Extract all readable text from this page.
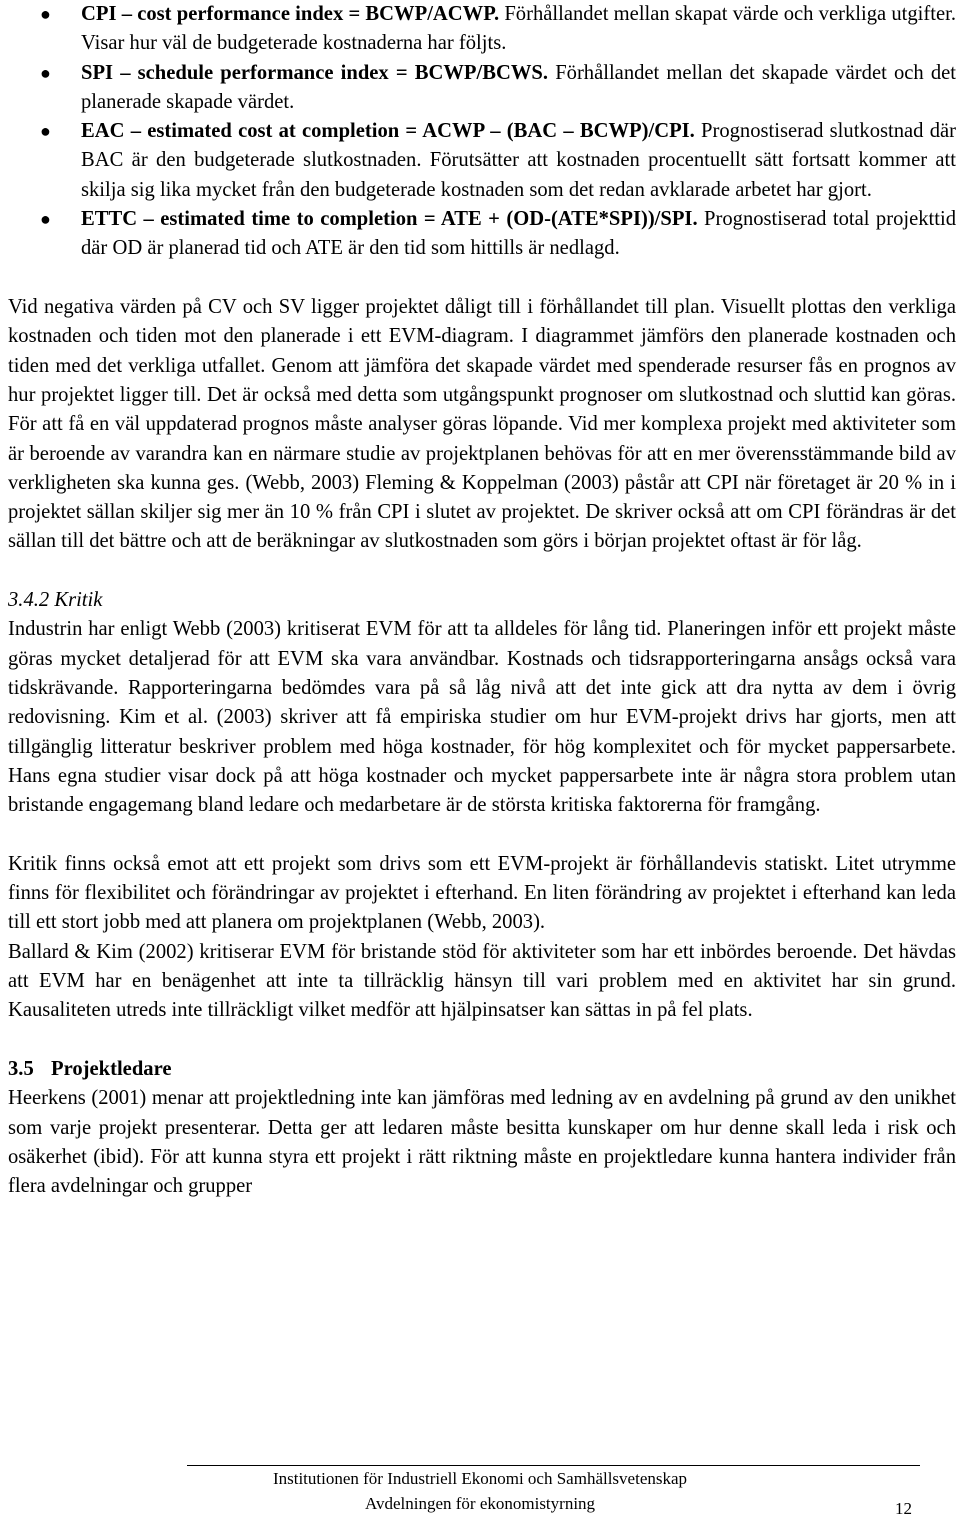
● CPI – cost performance index = BCWP/ACWP. Förhållandet mellan skapat värde och verkliga utgifter. Visar hur väl de budgeterade kostnaderna har följts.
● SPI – schedule performance index = BCWP/BCWS. Förhållandet mellan det skapade värdet och det planerade skapade värdet.
● EAC – estimated cost at completion = ACWP – (BAC – BCWP)/CPI. Prognostiserad slutkostnad där BAC är den budgeterade slutkostnaden. Förutsätter att kostnaden procentuellt sätt fortsatt kommer att skilja sig lika mycket från den budgeterade kostnaden som det redan avklarade arbetet har gjort.
● ETTC – estimated time to completion = ATE + (OD-(ATE*SPI))/SPI. Prognostiserad total projekttid där OD är planerad tid och ATE är den tid som hittills är nedlagd.

Vid negativa värden på CV och SV ligger projektet dåligt till i förhållandet till plan. Visuellt plottas den verkliga kostnaden och tiden mot den planerade i ett EVM-diagram. I diagrammet jämförs den planerade kostnaden och tiden med det verkliga utfallet. Genom att jämföra det skapade värdet med spenderade resurser fås en prognos av hur projektet ligger till. Det är också med detta som utgångspunkt prognoser om slutkostnad och sluttid kan göras. För att få en väl uppdaterad prognos måste analyser göras löpande. Vid mer komplexa projekt med aktiviteter som är beroende av varandra kan en närmare studie av projektplanen behövas för att en mer överensstämmande bild av verkligheten ska kunna ges. (Webb, 2003) Fleming & Koppelman (2003) påstår att CPI när företaget är 20 % in i projektet sällan skiljer sig mer än 10 % från CPI i slutet av projektet. De skriver också att om CPI förändras är det sällan till det bättre och att de beräkningar av slutkostnaden som görs i början projektet oftast är för låg.

3.4.2 Kritik

Industrin har enligt Webb (2003) kritiserat EVM för att ta alldeles för lång tid. Planeringen inför ett projekt måste göras mycket detaljerad för att EVM ska vara användbar. Kostnads och tidsrapporteringarna ansågs också vara tidskrävande. Rapporteringarna bedömdes vara på så låg nivå att det inte gick att dra nytta av dem i övrig redovisning. Kim et al. (2003) skriver att få empiriska studier om hur EVM-projekt drivs har gjorts, men att tillgänglig litteratur beskriver problem med höga kostnader, för hög komplexitet och för mycket pappersarbete. Hans egna studier visar dock på att höga kostnader och mycket pappersarbete inte är några stora problem utan bristande engagemang bland ledare och medarbetare är de största kritiska faktorerna för framgång.

Kritik finns också emot att ett projekt som drivs som ett EVM-projekt är förhållandevis statiskt. Litet utrymme finns för flexibilitet och förändringar av projektet i efterhand. En liten förändring av projektet i efterhand kan leda till ett stort jobb med att planera om projektplanen (Webb, 2003).

Ballard & Kim (2002) kritiserar EVM för bristande stöd för aktiviteter som har ett inbördes beroende. Det hävdas att EVM har en benägenhet att inte ta tillräcklig hänsyn till vari problem med en aktivitet har sin grund. Kausaliteten utreds inte tillräckligt vilket medför att hjälpinsatser kan sättas in på fel plats.

3.5 Projektledare

Heerkens (2001) menar att projektledning inte kan jämföras med ledning av en avdelning på grund av den unikhet som varje projekt presenterar. Detta ger att ledaren måste besitta kunskaper om hur denne skall leda i risk och osäkerhet (ibid). För att kunna styra ett projekt i rätt riktning måste en projektledare kunna hantera individer från flera avdelningar och grupper

Institutionen för Industriell Ekonomi och Samhällsvetenskap
Avdelningen för ekonomistyrning	12
